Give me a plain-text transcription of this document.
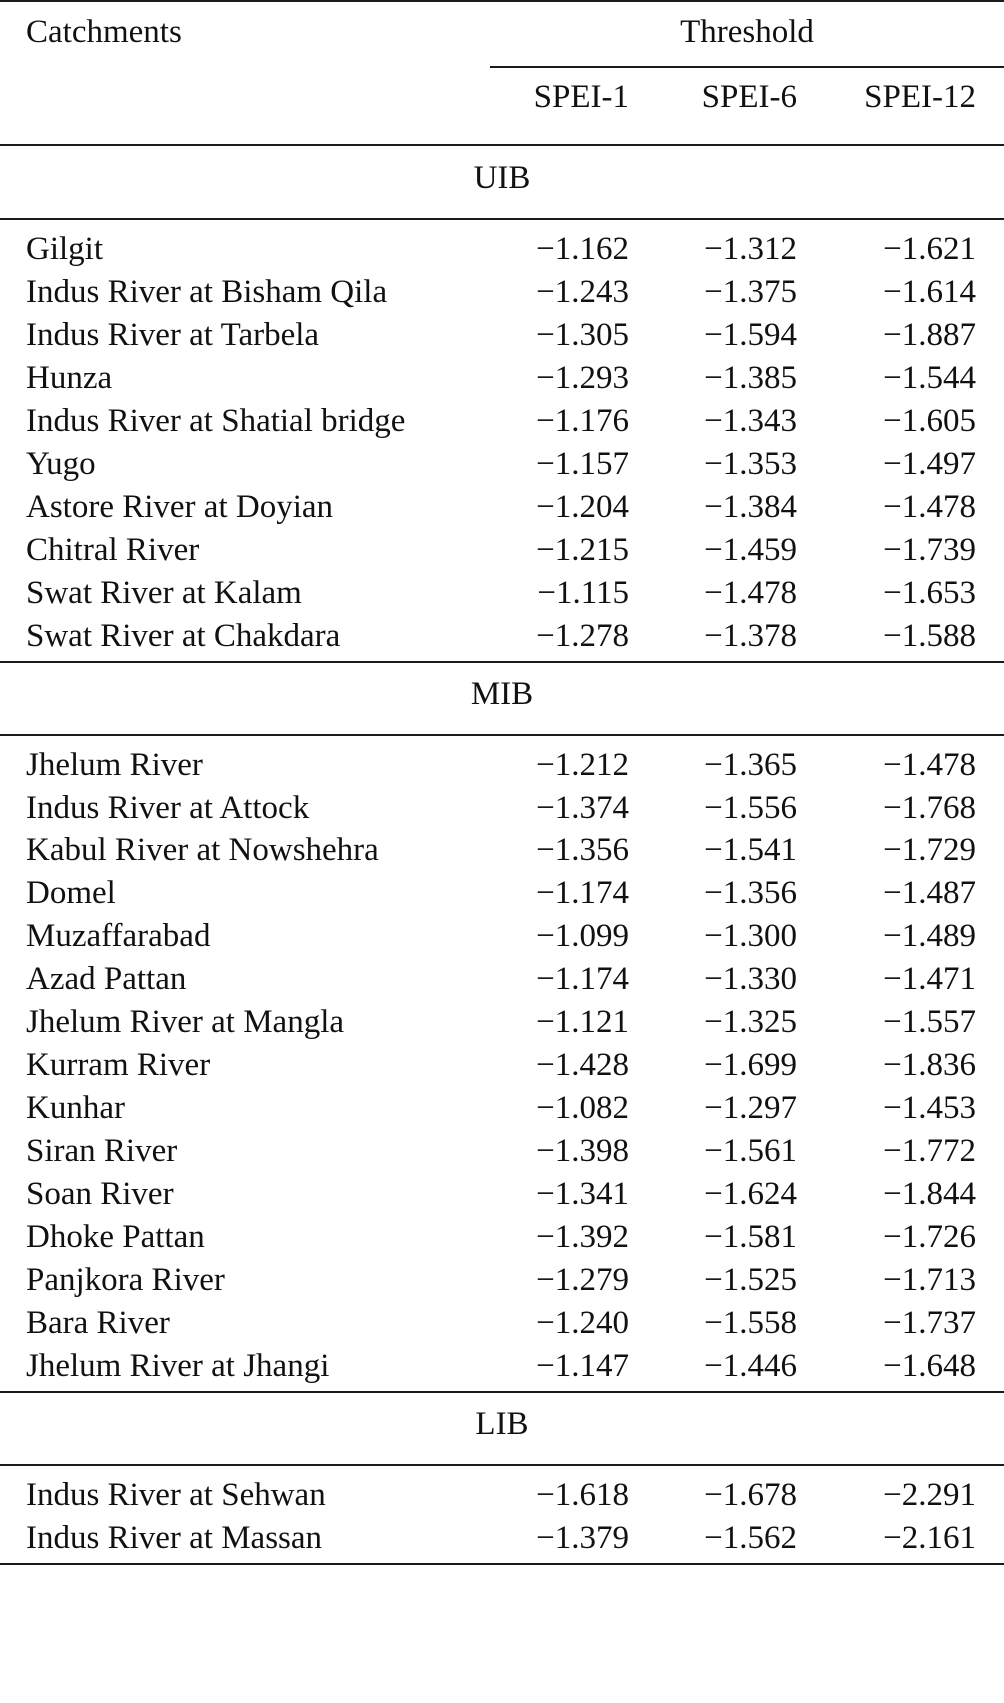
Catchments	Threshold
SPEI-1	SPEI-6	SPEI-12
UIB
Gilgit	−1.162	−1.312	−1.621
Indus River at Bisham Qila	−1.243	−1.375	−1.614
Indus River at Tarbela	−1.305	−1.594	−1.887
Hunza	−1.293	−1.385	−1.544
Indus River at Shatial bridge	−1.176	−1.343	−1.605
Yugo	−1.157	−1.353	−1.497
Astore River at Doyian	−1.204	−1.384	−1.478
Chitral River	−1.215	−1.459	−1.739
Swat River at Kalam	−1.115	−1.478	−1.653
Swat River at Chakdara	−1.278	−1.378	−1.588
MIB
Jhelum River	−1.212	−1.365	−1.478
Indus River at Attock	−1.374	−1.556	−1.768
Kabul River at Nowshehra	−1.356	−1.541	−1.729
Domel	−1.174	−1.356	−1.487
Muzaffarabad	−1.099	−1.300	−1.489
Azad Pattan	−1.174	−1.330	−1.471
Jhelum River at Mangla	−1.121	−1.325	−1.557
Kurram River	−1.428	−1.699	−1.836
Kunhar	−1.082	−1.297	−1.453
Siran River	−1.398	−1.561	−1.772
Soan River	−1.341	−1.624	−1.844
Dhoke Pattan	−1.392	−1.581	−1.726
Panjkora River	−1.279	−1.525	−1.713
Bara River	−1.240	−1.558	−1.737
Jhelum River at Jhangi	−1.147	−1.446	−1.648
LIB
Indus River at Sehwan	−1.618	−1.678	−2.291
Indus River at Massan	−1.379	−1.562	−2.161
